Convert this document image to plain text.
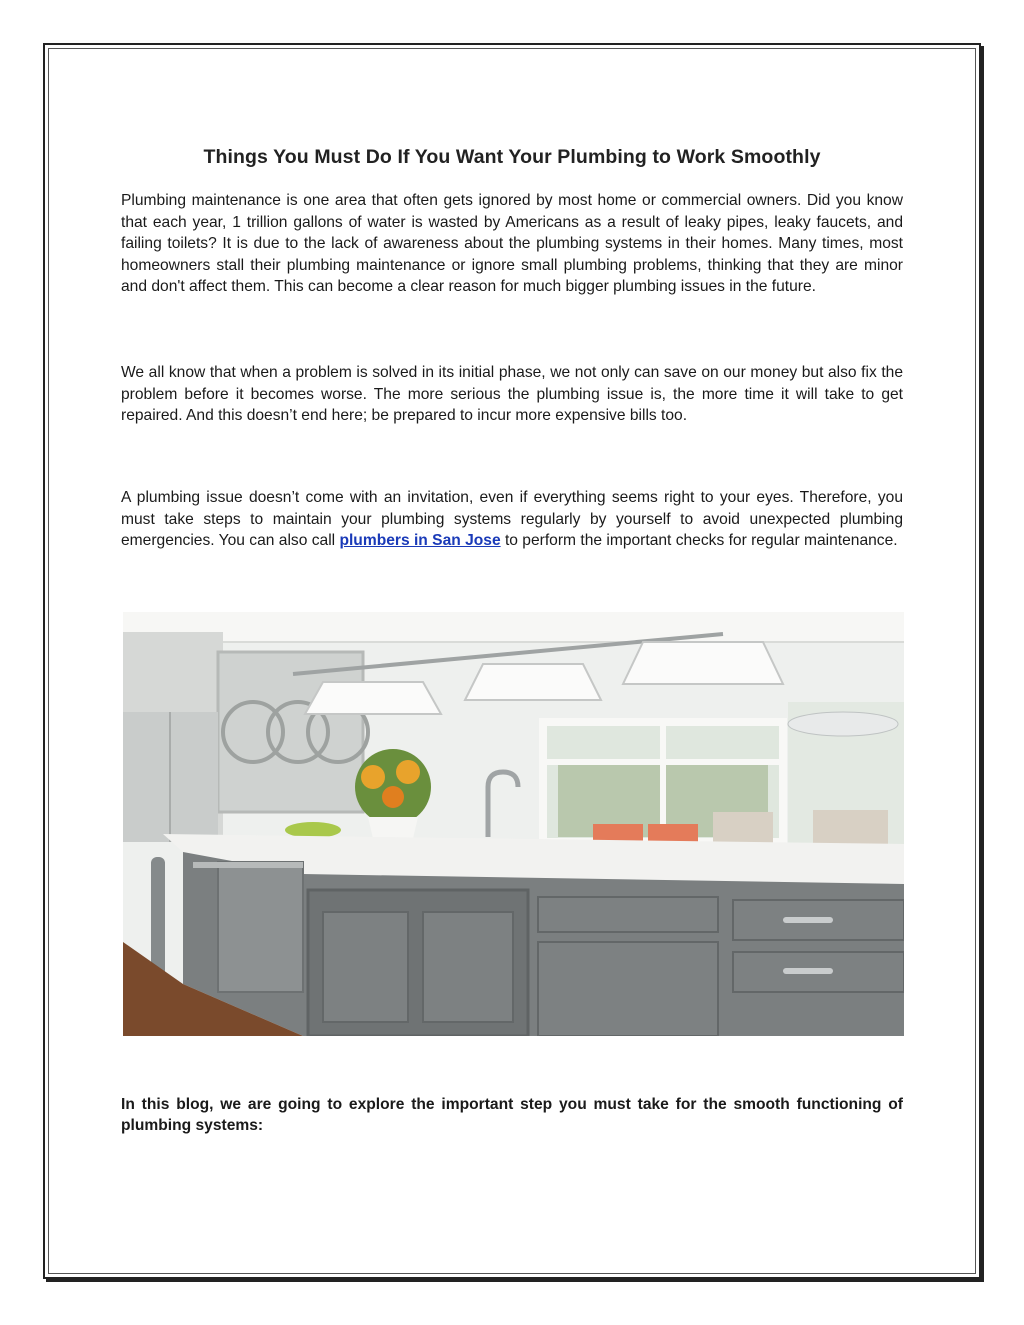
Things You Must Do If You Want Your Plumbing to Work Smoothly

Plumbing maintenance is one area that often gets ignored by most home or commercial owners. Did you know that each year, 1 trillion gallons of water is wasted by Americans as a result of leaky pipes, leaky faucets, and failing toilets? It is due to the lack of awareness about the plumbing systems in their homes. Many times, most homeowners stall their plumbing maintenance or ignore small plumbing problems, thinking that they are minor and don't affect them. This can become a clear reason for much bigger plumbing issues in the future.

We all know that when a problem is solved in its initial phase, we not only can save on our money but also fix the problem before it becomes worse. The more serious the plumbing issue is, the more time it will take to get repaired. And this doesn’t end here; be prepared to incur more expensive bills too.

A plumbing issue doesn’t come with an invitation, even if everything seems right to your eyes. Therefore, you must take steps to maintain your plumbing systems regularly by yourself to avoid unexpected plumbing emergencies. You can also call plumbers in San Jose to perform the important checks for regular maintenance.

In this blog, we are going to explore the important step you must take for the smooth functioning of plumbing systems:
